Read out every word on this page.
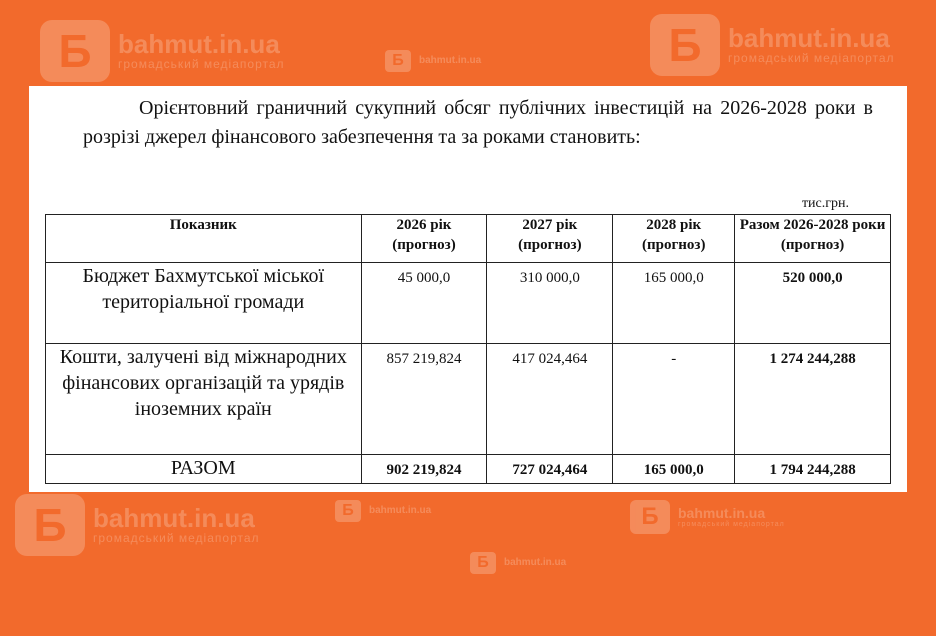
Б	bahmut.in.ua
громадський медіапортал	Б	bahmut.in.ua	Б	bahmut.in.ua
громадський медіапортал
Б	bahmut.in.ua
громадський медіапортал
Б	bahmut.in.ua	Б	bahmut.in.ua
громадський медіапортал
Б	bahmut.in.ua

Орієнтовний граничний сукупний обсяг публічних інвестицій на 2026-2028 роки в розрізі джерел фінансового забезпечення та за роками становить:

тис.грн.
Показник	2026 рік (прогноз)	2027 рік (прогноз)	2028 рік (прогноз)	Разом 2026-2028 роки (прогноз)
Бюджет Бахмутської міської територіальної громади	45 000,0	310 000,0	165 000,0	520 000,0
Кошти, залучені від міжнародних фінансових організацій та урядів іноземних країн	857 219,824	417 024,464	-	1 274 244,288
РАЗОМ	902 219,824	727 024,464	165 000,0	1 794 244,288
